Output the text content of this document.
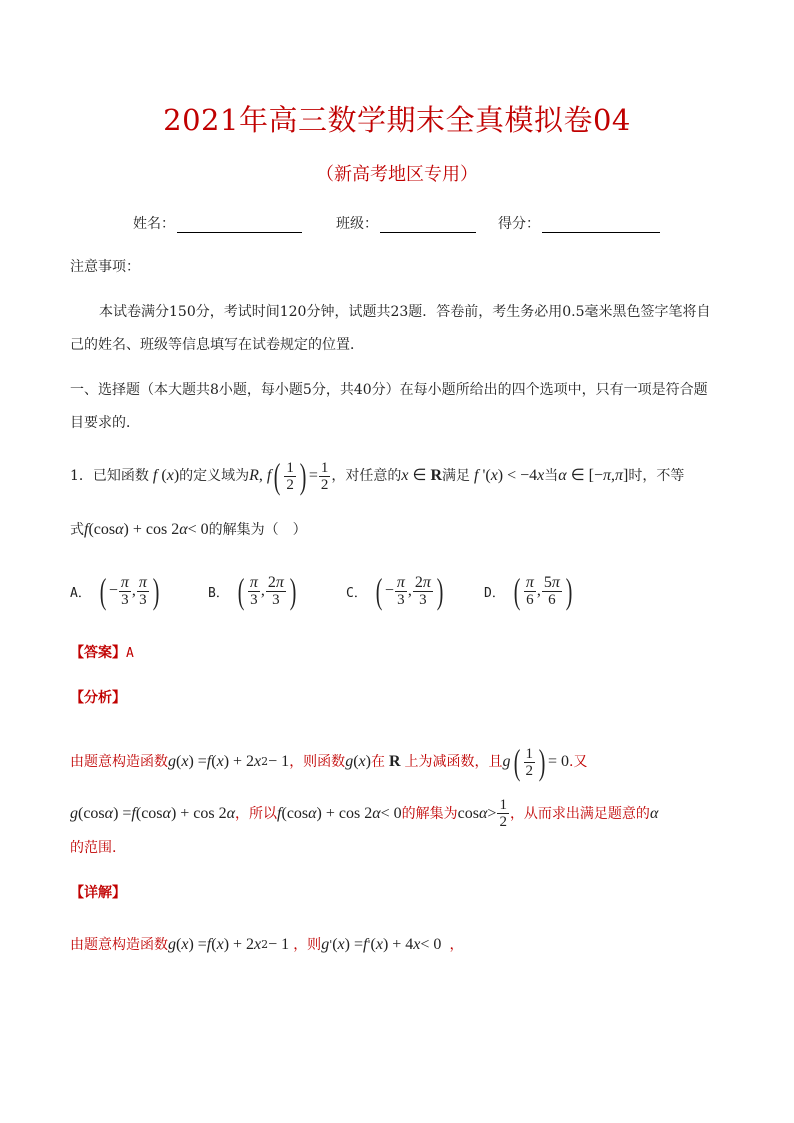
2021年高三数学期末全真模拟卷04
（新高考地区专用）
姓名：	班级：	得分：
注意事项：
本试卷满分150分，考试时间120分钟，试题共23题．答卷前，考生务必用0.5毫米黑色签字笔将自
己的姓名、班级等信息填写在试卷规定的位置．
一、选择题（本大题共8小题，每小题5分，共40分）在每小题所给出的四个选项中，只有一项是符合题
目要求的．
1．已知函数 f ( x ) 的定义域为 R , f ( $\frac{1}{2}$ ) = $\frac{1}{2}$ ，对任意的 x ∈ R 满足 f '( x ) < −4 x 当 α ∈ [− π , π ] 时，不等
式 f (cos α ) + cos 2 α < 0 的解集为（　）
A． ( − $\frac{\pi}{3}$ , $\frac{\pi}{3}$ )	B． ( $\frac{\pi}{3}$ , $\frac{2\pi}{3}$ )	C． ( − $\frac{\pi}{3}$ , $\frac{2\pi}{3}$ )	D． ( $\frac{\pi}{6}$ , $\frac{5\pi}{6}$ )
【答案】A
【分析】
由题意构造函数 g ( x ) = f ( x ) + 2 x 2 − 1 ，则函数 g ( x ) 在 R 上为减函数，且 g ( $\frac{1}{2}$ ) = 0 .又
g (cos α ) = f (cos α ) + cos 2 α ，所以 f (cos α ) + cos 2 α < 0 的解集为 $\cos \alpha > \frac{1}{2}$ ，从而求出满足题意的 α
的范围.
【详解】
由题意构造函数 g ( x ) = f ( x ) + 2 x 2 − 1 ，则 g ' ( x ) = f ' ( x ) + 4 x < 0 ，
